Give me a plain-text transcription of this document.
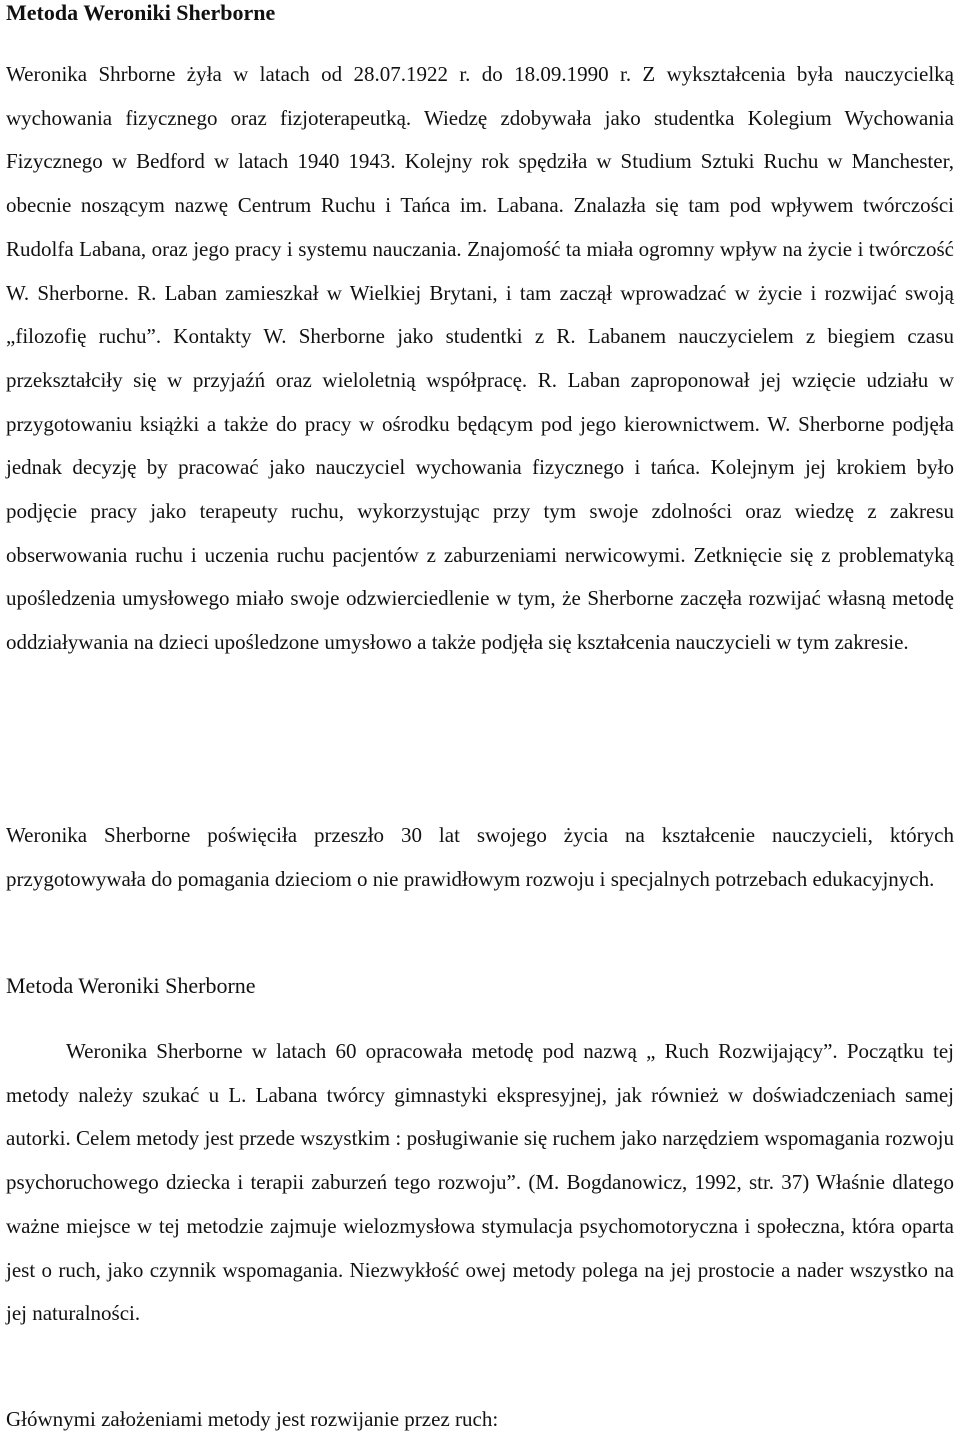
Metoda Weroniki Sherborne

Weronika Shrborne żyła w latach od 28.07.1922 r. do 18.09.1990 r. Z wykształcenia była nauczycielką wychowania fizycznego oraz fizjoterapeutką. Wiedzę zdobywała jako studentka Kolegium Wychowania Fizycznego w Bedford w latach 1940 1943. Kolejny rok spędziła w Studium Sztuki Ruchu w Manchester, obecnie noszącym nazwę Centrum Ruchu i Tańca im. Labana. Znalazła się tam pod wpływem twórczości Rudolfa Labana, oraz jego pracy i systemu nauczania. Znajomość ta miała ogromny wpływ na życie i twórczość W. Sherborne. R. Laban zamieszkał w Wielkiej Brytani, i tam zaczął wprowadzać w życie i rozwijać swoją „filozofię ruchu”. Kontakty W. Sherborne jako studentki z R. Labanem nauczycielem z biegiem czasu przekształciły się w przyjaźń oraz wieloletnią współpracę. R. Laban zaproponował jej wzięcie udziału w przygotowaniu książki a także do pracy w ośrodku będącym pod jego kierownictwem. W. Sherborne podjęła jednak decyzję by pracować jako nauczyciel wychowania fizycznego i tańca. Kolejnym jej krokiem było podjęcie pracy jako terapeuty ruchu, wykorzystując przy tym swoje zdolności oraz wiedzę z zakresu obserwowania ruchu i uczenia ruchu pacjentów z zaburzeniami nerwicowymi. Zetknięcie się z problematyką upośledzenia umysłowego miało swoje odzwierciedlenie w tym, że Sherborne zaczęła rozwijać własną metodę oddziaływania na dzieci upośledzone umysłowo a także podjęła się kształcenia nauczycieli w tym zakresie.

Weronika Sherborne poświęciła przeszło 30 lat swojego życia na kształcenie nauczycieli, których przygotowywała do pomagania dzieciom o nie prawidłowym rozwoju i specjalnych potrzebach edukacyjnych.

Metoda Weroniki Sherborne

Weronika Sherborne w latach 60 opracowała metodę pod nazwą „ Ruch Rozwijający”. Początku tej metody należy szukać u L. Labana twórcy gimnastyki ekspresyjnej, jak również w doświadczeniach samej autorki. Celem metody jest przede wszystkim : posługiwanie się ruchem jako narzędziem wspomagania rozwoju psychoruchowego dziecka i terapii zaburzeń tego rozwoju”. (M. Bogdanowicz, 1992, str. 37) Właśnie dlatego ważne miejsce w tej metodzie zajmuje wielozmysłowa stymulacja psychomotoryczna i społeczna, która oparta jest o ruch, jako czynnik wspomagania. Niezwykłość owej metody polega na jej prostocie a nader wszystko na jej naturalności.

Głównymi założeniami metody jest rozwijanie przez ruch:
